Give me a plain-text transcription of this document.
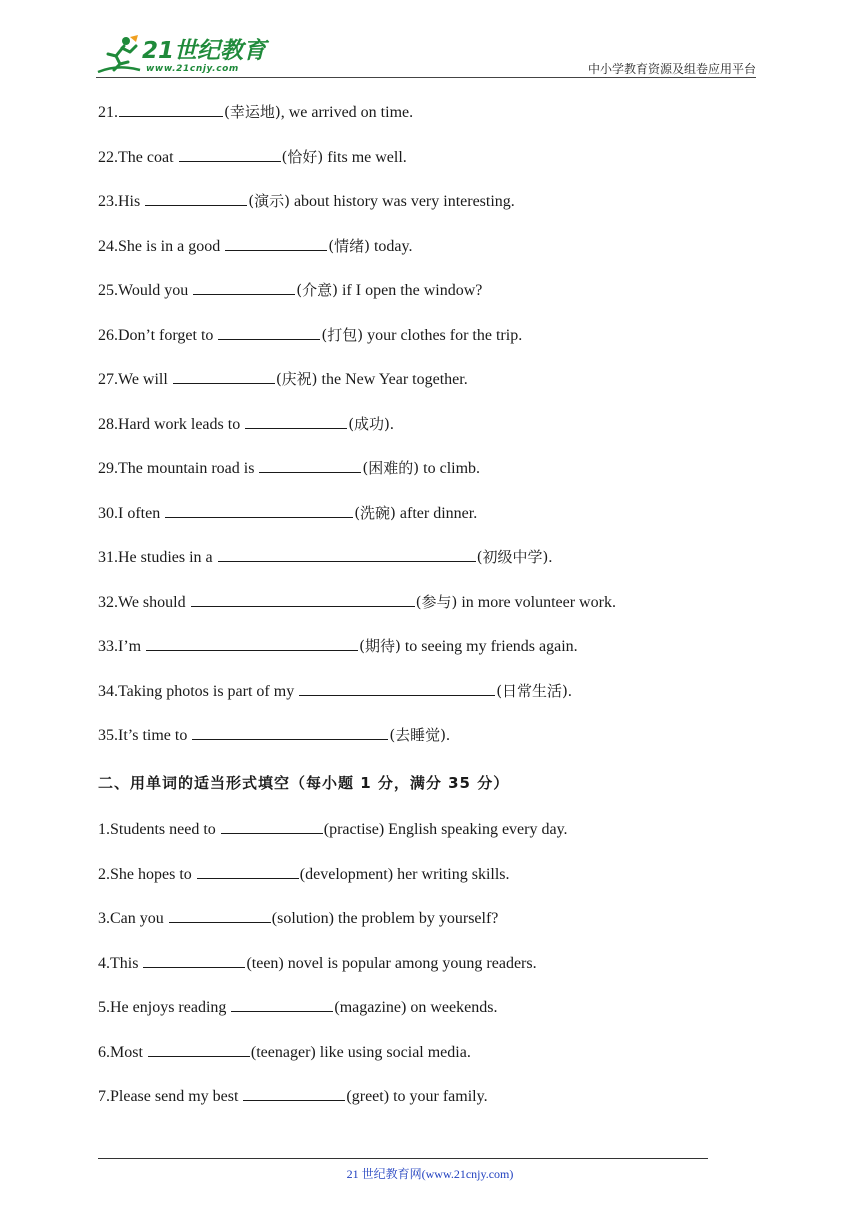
21世纪教育
www.21cnjy.com	中小学教育资源及组卷应用平台
21.	(幸运地), we arrived on time.
22.The coat	(恰好) fits me well.
23.His	(演示) about history was very interesting.
24.She is in a good	(情绪) today.
25.Would you	(介意) if I open the window?
26.Don’t forget to	(打包) your clothes for the trip.
27.We will	(庆祝) the New Year together.
28.Hard work leads to	(成功).
29.The mountain road is	(困难的) to climb.
30.I often	(洗碗) after dinner.
31.He studies in a	(初级中学).
32.We should	(参与) in more volunteer work.
33.I’m	(期待) to seeing my friends again.
34.Taking photos is part of my	(日常生活).
35.It’s time to	(去睡觉).
二、用单词的适当形式填空（每小题 1 分，满分 35 分）
1.Students need to	(practise) English speaking every day.
2.She hopes to	(development) her writing skills.
3.Can you	(solution) the problem by yourself?
4.This	(teen) novel is popular among young readers.
5.He enjoys reading	(magazine) on weekends.
6.Most	(teenager) like using social media.
7.Please send my best	(greet) to your family.
21 世纪教育网(www.21cnjy.com)
